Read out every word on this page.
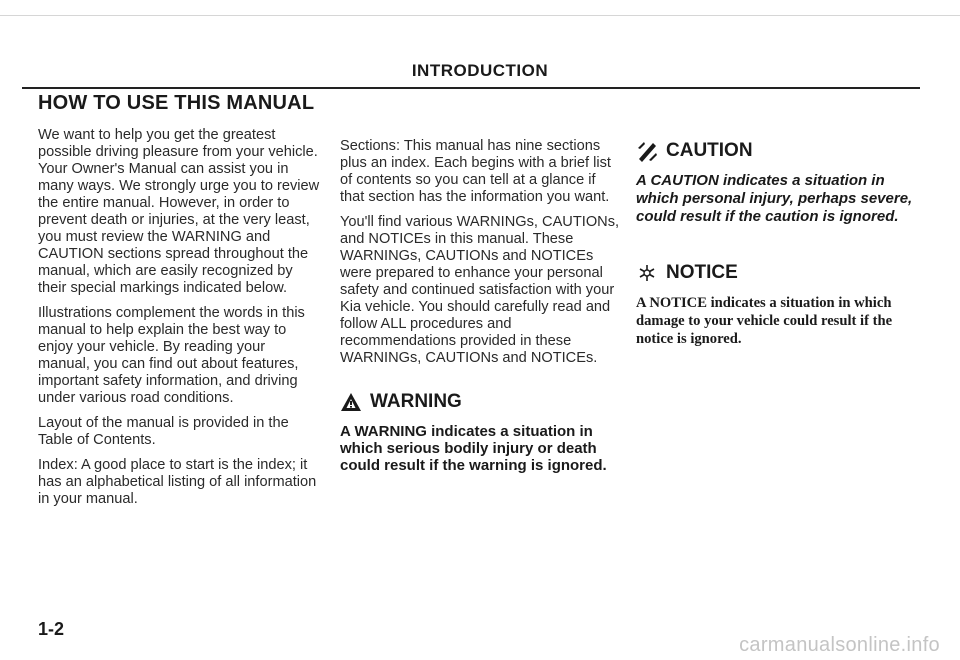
INTRODUCTION
HOW TO USE THIS MANUAL

We want to help you get the greatest possible driving pleasure from your vehicle. Your Owner's Manual can assist you in many ways. We strongly urge you to review the entire manual. However, in order to prevent death or injuries, at the very least, you must review the WARNING and CAUTION sections spread throughout the manual, which are easily recognized by their special markings indicated below.

Illustrations complement the words in this manual to help explain the best way to enjoy your vehicle. By reading your manual, you can find out about features, important safety information, and driving under various road conditions.

Layout of the manual is provided in the Table of Contents.

Index: A good place to start is the index; it has an alphabetical listing of all information in your manual.

Sections: This manual has nine sections plus an index. Each begins with a brief list of contents so you can tell at a glance if that section has the information you want.

You'll find various WARNINGs, CAUTIONs, and NOTICEs in this manual. These WARNINGs, CAUTIONs and NOTICEs were prepared to enhance your personal safety and continued satisfaction with your Kia vehicle. You should carefully read and follow ALL procedures and recommendations provided in these WARNINGs, CAUTIONs and NOTICEs.

WARNING

A WARNING indicates a situation in which serious bodily injury or death could result if the warning is ignored.

CAUTION

A CAUTION indicates a situation in which personal injury, perhaps severe, could result if the caution is ignored.

NOTICE

A NOTICE indicates a situation in which damage to your vehicle could result if the notice is ignored.

1-2
carmanualsonline.info
